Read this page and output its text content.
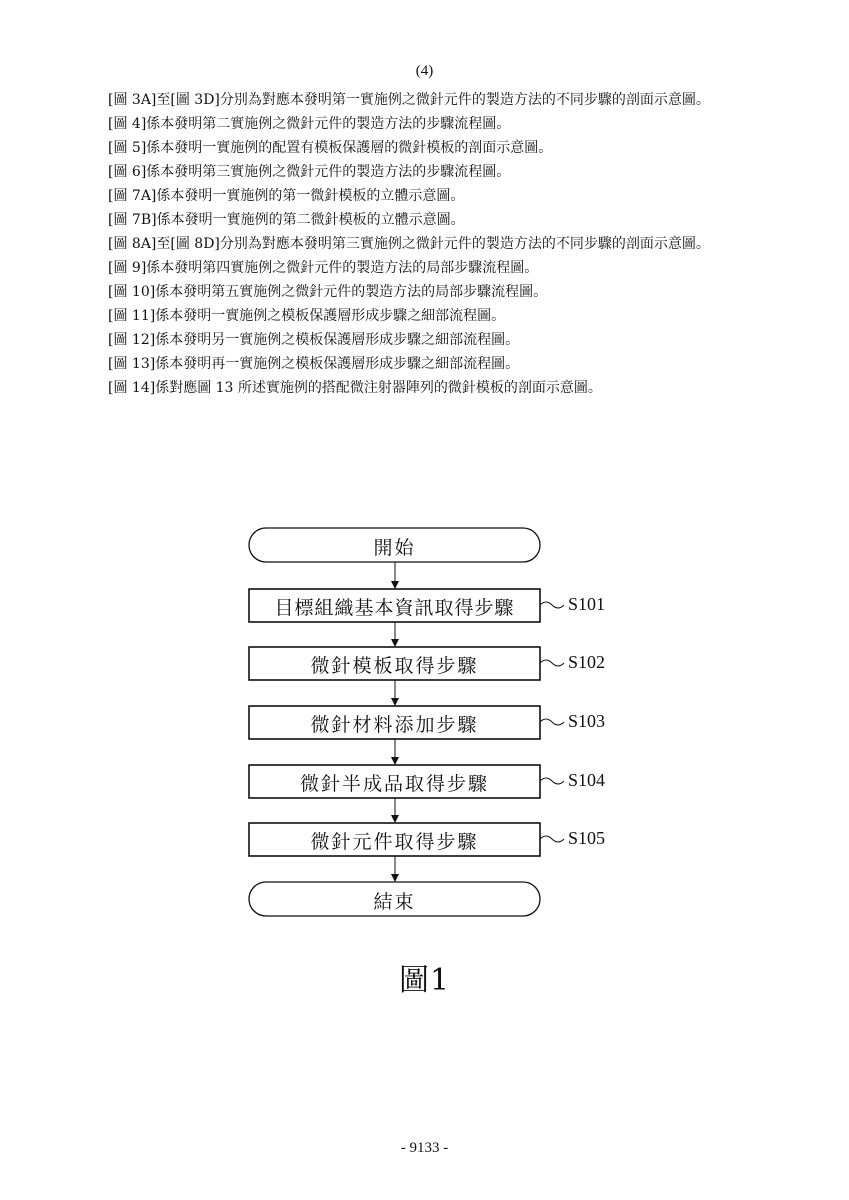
(4)

[圖 3A]至[圖 3D]分別為對應本發明第一實施例之微針元件的製造方法的不同步驟的剖面示意圖。

[圖 4]係本發明第二實施例之微針元件的製造方法的步驟流程圖。

[圖 5]係本發明一實施例的配置有模板保護層的微針模板的剖面示意圖。

[圖 6]係本發明第三實施例之微針元件的製造方法的步驟流程圖。

[圖 7A]係本發明一實施例的第一微針模板的立體示意圖。

[圖 7B]係本發明一實施例的第二微針模板的立體示意圖。

[圖 8A]至[圖 8D]分別為對應本發明第三實施例之微針元件的製造方法的不同步驟的剖面示意圖。

[圖 9]係本發明第四實施例之微針元件的製造方法的局部步驟流程圖。

[圖 10]係本發明第五實施例之微針元件的製造方法的局部步驟流程圖。

[圖 11]係本發明一實施例之模板保護層形成步驟之細部流程圖。

[圖 12]係本發明另一實施例之模板保護層形成步驟之細部流程圖。

[圖 13]係本發明再一實施例之模板保護層形成步驟之細部流程圖。

[圖 14]係對應圖 13 所述實施例的搭配微注射器陣列的微針模板的剖面示意圖。

開始
目標組織基本資訊取得步驟
微針模板取得步驟
微針材料添加步驟
微針半成品取得步驟
微針元件取得步驟
結束
S101
S102
S103
S104
S105
圖1
- 9133 -
